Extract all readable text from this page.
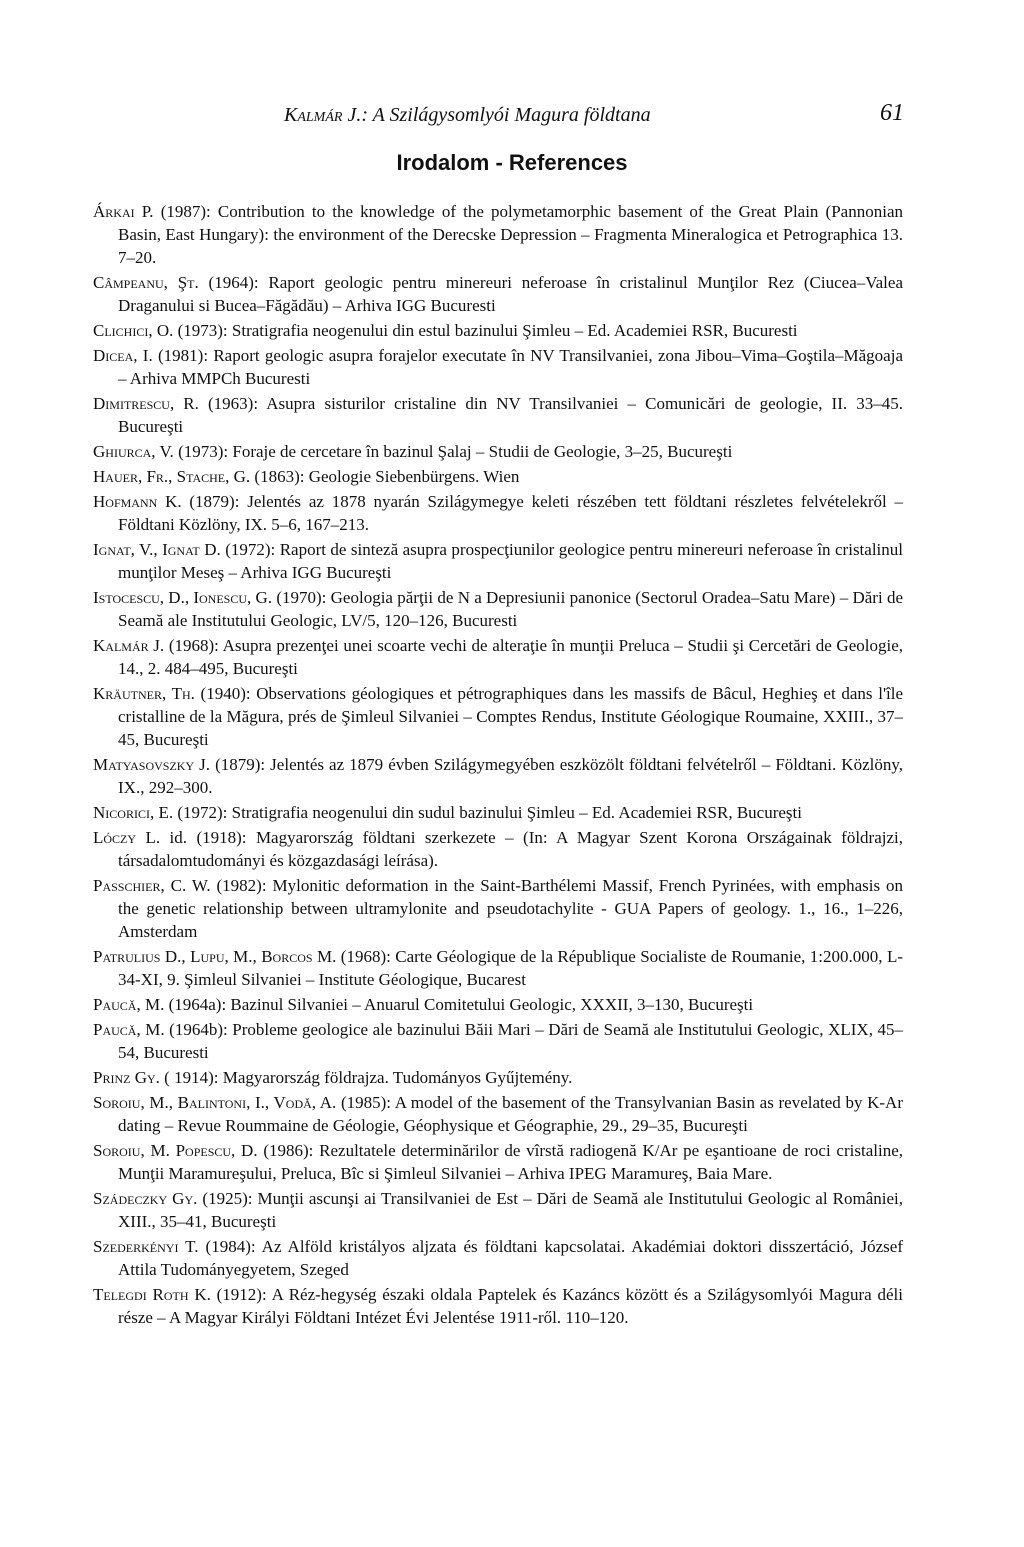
Kalmár J.: A Szilágysomlyói Magura földtana	61
Irodalom - References

Árkai P. (1987): Contribution to the knowledge of the polymetamorphic basement of the Great Plain (Pannonian Basin, East Hungary): the environment of the Derecske Depression – Fragmenta Mineralogica et Petrographica 13. 7–20.

Câmpeanu, Şt. (1964): Raport geologic pentru minereuri neferoase în cristalinul Munţilor Rez (Ciucea–Valea Draganului si Bucea–Făgădău) – Arhiva IGG Bucuresti

Clichici, O. (1973): Stratigrafia neogenului din estul bazinului Şimleu – Ed. Academiei RSR, Bucuresti

Dicea, I. (1981): Raport geologic asupra forajelor executate în NV Transilvaniei, zona Jibou–Vima–Goştila–Măgoaja – Arhiva MMPCh Bucuresti

Dimitrescu, R. (1963): Asupra sisturilor cristaline din NV Transilvaniei – Comunicări de geologie, II. 33–45. Bucureşti

Ghiurca, V. (1973): Foraje de cercetare în bazinul Şalaj – Studii de Geologie, 3–25, Bucureşti

Hauer, Fr., Stache, G. (1863): Geologie Siebenbürgens. Wien

Hofmann K. (1879): Jelentés az 1878 nyarán Szilágymegye keleti részében tett földtani részletes felvételekről – Földtani Közlöny, IX. 5–6, 167–213.

Ignat, V., Ignat D. (1972): Raport de sinteză asupra prospecţiunilor geologice pentru minereuri neferoase în cristalinul munţilor Meseş – Arhiva IGG Bucureşti

Istocescu, D., Ionescu, G. (1970): Geologia părţii de N a Depresiunii panonice (Sectorul Oradea–Satu Mare) – Dări de Seamă ale Institutului Geologic, LV/5, 120–126, Bucuresti

Kalmár J. (1968): Asupra prezenţei unei scoarte vechi de alteraţie în munţii Preluca – Studii şi Cercetări de Geologie, 14., 2. 484–495, Bucureşti

Kräutner, Th. (1940): Observations géologiques et pétrographiques dans les massifs de Bâcul, Heghieş et dans l'île cristalline de la Măgura, prés de Şimleul Silvaniei – Comptes Rendus, Institute Géologique Roumaine, XXIII., 37–45, Bucureşti

Matyasovszky J. (1879): Jelentés az 1879 évben Szilágymegyében eszközölt földtani felvételről – Földtani. Közlöny, IX., 292–300.

Nicorici, E. (1972): Stratigrafia neogenului din sudul bazinului Şimleu – Ed. Academiei RSR, Bucureşti

Lóczy L. id. (1918): Magyarország földtani szerkezete – (In: A Magyar Szent Korona Országainak földrajzi, társadalomtudományi és közgazdasági leírása).

Passchier, C. W. (1982): Mylonitic deformation in the Saint-Barthélemi Massif, French Pyrinées, with emphasis on the genetic relationship between ultramylonite and pseudotachylite - GUA Papers of geology. 1., 16., 1–226, Amsterdam

Patrulius D., Lupu, M., Borcos M. (1968): Carte Géologique de la République Socialiste de Roumanie, 1:200.000, L-34-XI, 9. Şimleul Silvaniei – Institute Géologique, Bucarest

Paucă, M. (1964a): Bazinul Silvaniei – Anuarul Comitetului Geologic, XXXII, 3–130, Bucureşti

Paucă, M. (1964b): Probleme geologice ale bazinului Băii Mari – Dări de Seamă ale Institutului Geologic, XLIX, 45–54, Bucuresti

Prinz Gy. ( 1914): Magyarország földrajza. Tudományos Gyűjtemény.

Soroiu, M., Balintoni, I., Vodă, A. (1985): A model of the basement of the Transylvanian Basin as revelated by K-Ar dating – Revue Roummaine de Géologie, Géophysique et Géographie, 29., 29–35, Bucureşti

Soroiu, M. Popescu, D. (1986): Rezultatele determinărilor de vîrstă radiogenă K/Ar pe eşantioane de roci cristaline, Munţii Maramureşului, Preluca, Bîc si Şimleul Silvaniei – Arhiva IPEG Maramureş, Baia Mare.

Szádeczky Gy. (1925): Munţii ascunşi ai Transilvaniei de Est – Dări de Seamă ale Institutului Geologic al României, XIII., 35–41, Bucureşti

Szederkényi T. (1984): Az Alföld kristályos aljzata és földtani kapcsolatai. Akadémiai doktori disszertáció, József Attila Tudományegyetem, Szeged

Telegdi Roth K. (1912): A Réz-hegység északi oldala Paptelek és Kazáncs között és a Szilágysomlyói Magura déli része – A Magyar Királyi Földtani Intézet Évi Jelentése 1911-ről. 110–120.
